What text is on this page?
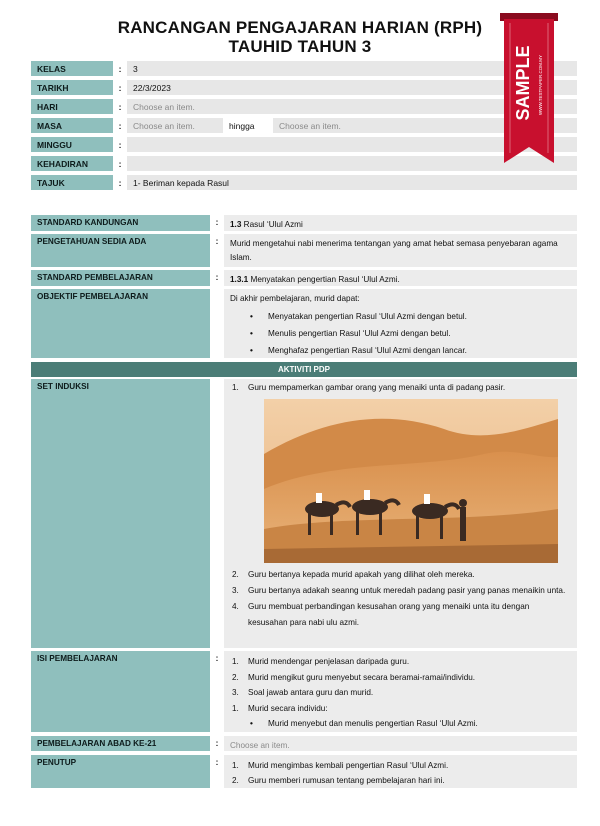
RANCANGAN PENGAJARAN HARIAN (RPH)
TAUHID TAHUN 3
KELAS	:	3
TARIKH	:	22/3/2023
HARI	:	Choose an item.
MASA	:	Choose an item.	hingga	Choose an item.
MINGGU	:
KEHADIRAN	:
TAJUK	:	1- Beriman kepada Rasul
SAMPLE WWW.TESTPAPER.COM.MY
STANDARD KANDUNGAN	:	1.3 Rasul ‘Ulul Azmi
PENGETAHUAN SEDIA ADA	:	Murid mengetahui nabi menerima tentangan yang amat hebat semasa penyebaran agama Islam.
STANDARD PEMBELAJARAN	:	1.3.1 Menyatakan pengertian Rasul ‘Ulul Azmi.
OBJEKTIF PEMBELAJARAN	Di akhir pembelajaran, murid dapat:
• Menyatakan pengertian Rasul ‘Ulul Azmi dengan betul.
• Menulis pengertian Rasul ‘Ulul Azmi dengan betul.
• Menghafaz pengertian Rasul ‘Ulul Azmi dengan lancar.
AKTIVITI PDP
SET INDUKSI	1. Guru mempamerkan gambar orang yang menaiki unta di padang pasir.
2. Guru bertanya kepada murid apakah yang dilihat oleh mereka.
3. Guru bertanya adakah seanng untuk meredah padang pasir yang panas menaikin unta.
4. Guru membuat perbandingan kesusahan orang yang menaiki unta itu dengan kesusahan para nabi ulu azmi.
ISI PEMBELAJARAN	:	1. Murid mendengar penjelasan daripada guru.
2. Murid mengikut guru menyebut secara beramai-ramai/individu.
3. Soal jawab antara guru dan murid.
1. Murid secara individu:
• Murid menyebut dan menulis pengertian Rasul ‘Ulul Azmi.
PEMBELAJARAN ABAD KE-21	:	Choose an item.
PENUTUP	:	1. Murid mengimbas kembali pengertian Rasul ‘Ulul Azmi.
2. Guru memberi rumusan tentang pembelajaran hari ini.
